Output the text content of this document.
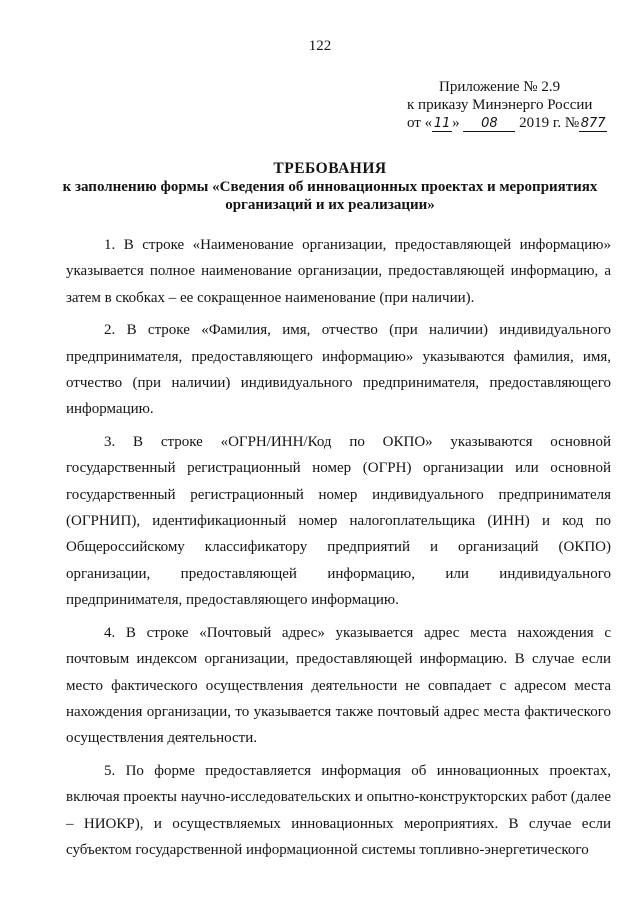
122
Приложение № 2.9
к приказу Минэнерго России
от « 11 » 08 2019 г. № 877
ТРЕБОВАНИЯ
к заполнению формы «Сведения об инновационных проектах и мероприятиях организаций и их реализации»

1. В строке «Наименование организации, предоставляющей информацию» указывается полное наименование организации, предоставляющей информацию, а затем в скобках – ее сокращенное наименование (при наличии).

2. В строке «Фамилия, имя, отчество (при наличии) индивидуального предпринимателя, предоставляющего информацию» указываются фамилия, имя, отчество (при наличии) индивидуального предпринимателя, предоставляющего информацию.

3. В строке «ОГРН/ИНН/Код по ОКПО» указываются основной государственный регистрационный номер (ОГРН) организации или основной государственный регистрационный номер индивидуального предпринимателя (ОГРНИП), идентификационный номер налогоплательщика (ИНН) и код по Общероссийскому классификатору предприятий и организаций (ОКПО) организации, предоставляющей информацию, или индивидуального предпринимателя, предоставляющего информацию.

4. В строке «Почтовый адрес» указывается адрес места нахождения с почтовым индексом организации, предоставляющей информацию. В случае если место фактического осуществления деятельности не совпадает с адресом места нахождения организации, то указывается также почтовый адрес места фактического осуществления деятельности.

5. По форме предоставляется информация об инновационных проектах, включая проекты научно-исследовательских и опытно-конструкторских работ (далее – НИОКР), и осуществляемых инновационных мероприятиях. В случае если субъектом государственной информационной системы топливно-энергетического
